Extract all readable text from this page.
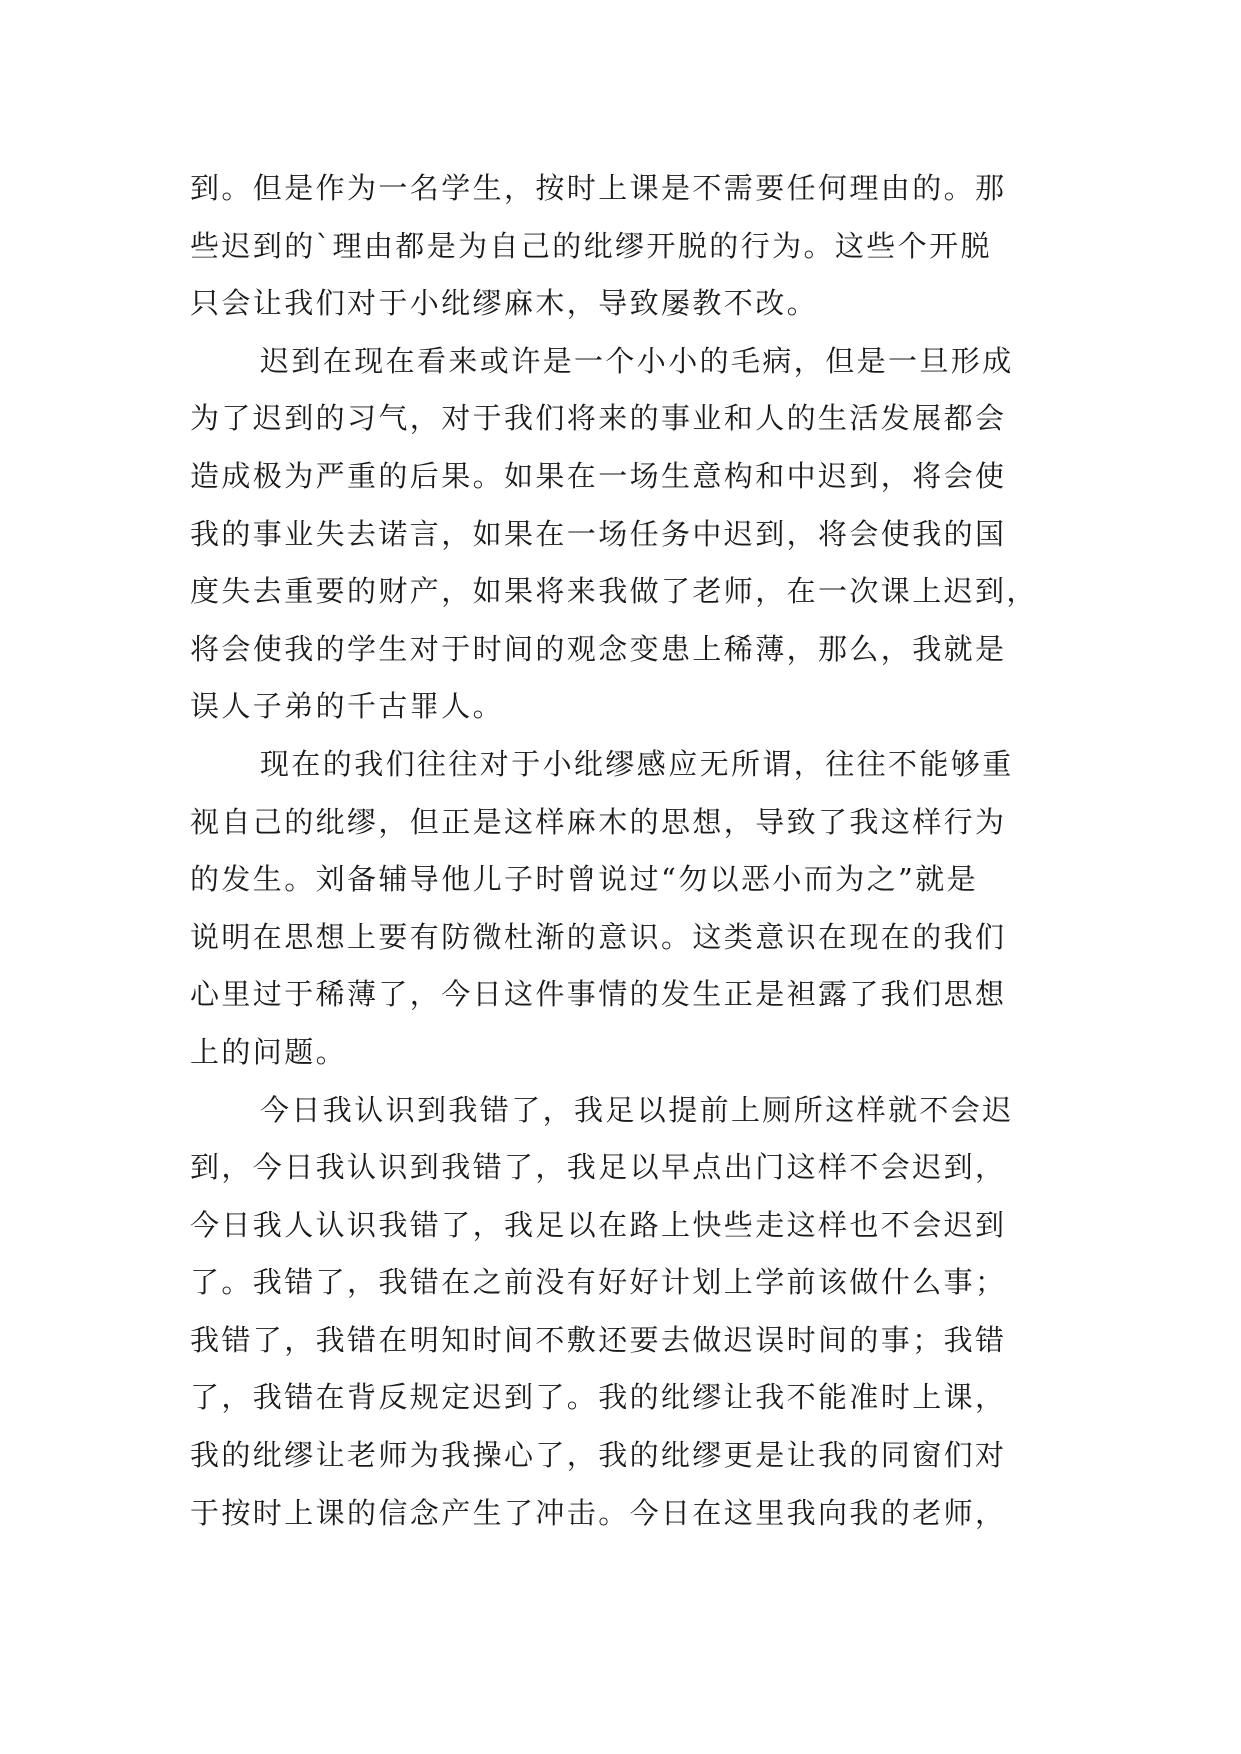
到。但是作为一名学生，按时上课是不需要任何理由的。那
些迟到的`理由都是为自己的纰缪开脱的行为。这些个开脱
只会让我们对于小纰缪麻木，导致屡教不改。
迟到在现在看来或许是一个小小的毛病，但是一旦形成
为了迟到的习气，对于我们将来的事业和人的生活发展都会
造成极为严重的后果。如果在一场生意构和中迟到，将会使
我的事业失去诺言，如果在一场任务中迟到，将会使我的国
度失去重要的财产，如果将来我做了老师，在一次课上迟到，
将会使我的学生对于时间的观念变患上稀薄，那么，我就是
误人子弟的千古罪人。
现在的我们往往对于小纰缪感应无所谓，往往不能够重
视自己的纰缪，但正是这样麻木的思想，导致了我这样行为
的发生。刘备辅导他儿子时曾说过“勿以恶小而为之”就是
说明在思想上要有防微杜渐的意识。这类意识在现在的我们
心里过于稀薄了，今日这件事情的发生正是袒露了我们思想
上的问题。
今日我认识到我错了，我足以提前上厕所这样就不会迟
到，今日我认识到我错了，我足以早点出门这样不会迟到，
今日我人认识我错了，我足以在路上快些走这样也不会迟到
了。我错了，我错在之前没有好好计划上学前该做什么事；
我错了，我错在明知时间不敷还要去做迟误时间的事；我错
了，我错在背反规定迟到了。我的纰缪让我不能准时上课，
我的纰缪让老师为我操心了，我的纰缪更是让我的同窗们对
于按时上课的信念产生了冲击。今日在这里我向我的老师，
